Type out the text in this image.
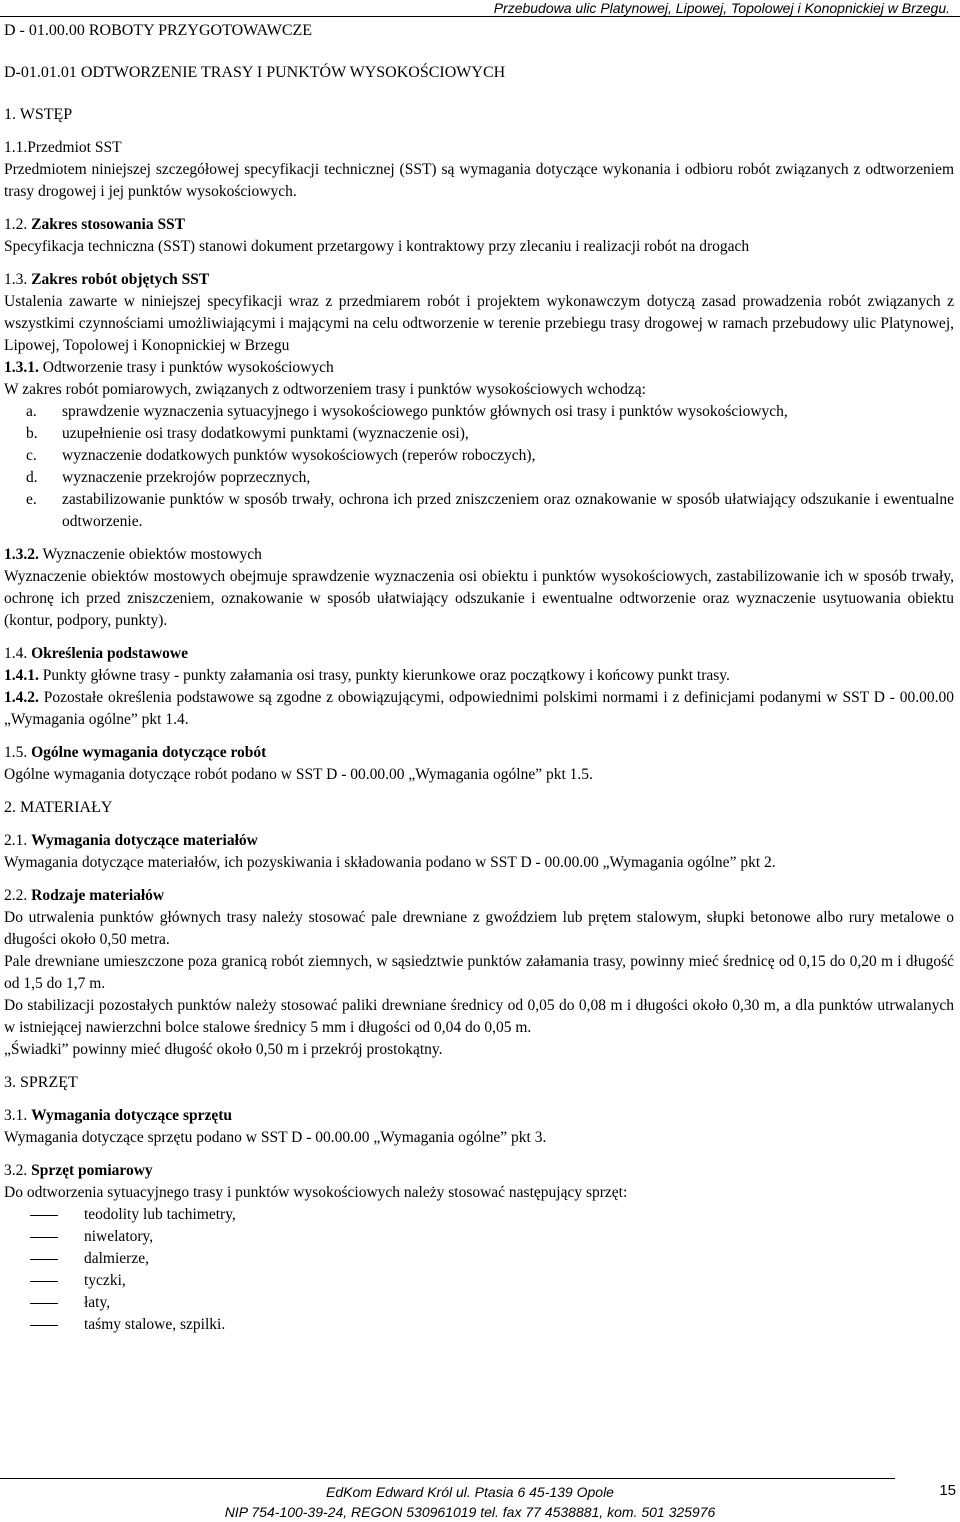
Przebudowa ulic Platynowej, Lipowej, Topolowej i Konopnickiej w Brzegu.
D - 01.00.00 ROBOTY PRZYGOTOWAWCZE
D-01.01.01 ODTWORZENIE TRASY I PUNKTÓW WYSOKOŚCIOWYCH
1. WSTĘP
1.1.Przedmiot SST
Przedmiotem niniejszej szczegółowej specyfikacji technicznej (SST) są wymagania dotyczące wykonania i odbioru robót związanych z odtworzeniem trasy drogowej i jej punktów wysokościowych.
1.2. Zakres stosowania SST
Specyfikacja techniczna (SST) stanowi dokument przetargowy i kontraktowy przy zlecaniu i realizacji robót na drogach
1.3. Zakres robót objętych SST
Ustalenia zawarte w niniejszej specyfikacji wraz z przedmiarem robót i projektem wykonawczym dotyczą zasad prowadzenia robót związanych z wszystkimi czynnościami umożliwiającymi i mającymi na celu odtworzenie w terenie przebiegu trasy drogowej w ramach przebudowy ulic Platynowej, Lipowej, Topolowej i Konopnickiej w Brzegu
1.3.1. Odtworzenie trasy i punktów wysokościowych
W zakres robót pomiarowych, związanych z odtworzeniem trasy i punktów wysokościowych wchodzą:
a.	sprawdzenie wyznaczenia sytuacyjnego i wysokościowego punktów głównych osi trasy i punktów wysokościowych,
b.	uzupełnienie osi trasy dodatkowymi punktami (wyznaczenie osi),
c.	wyznaczenie dodatkowych punktów wysokościowych (reperów roboczych),
d.	wyznaczenie przekrojów poprzecznych,
e.	zastabilizowanie punktów w sposób trwały, ochrona ich przed zniszczeniem oraz oznakowanie w sposób ułatwiający odszukanie i ewentualne odtworzenie.
1.3.2. Wyznaczenie obiektów mostowych
Wyznaczenie obiektów mostowych obejmuje sprawdzenie wyznaczenia osi obiektu i punktów wysokościowych, zastabilizowanie ich w sposób trwały, ochronę ich przed zniszczeniem, oznakowanie w sposób ułatwiający odszukanie i ewentualne odtworzenie oraz wyznaczenie usytuowania obiektu (kontur, podpory, punkty).
1.4. Określenia podstawowe
1.4.1. Punkty główne trasy - punkty załamania osi trasy, punkty kierunkowe oraz początkowy i końcowy punkt trasy.
1.4.2. Pozostałe określenia podstawowe są zgodne z obowiązującymi, odpowiednimi polskimi normami i z definicjami podanymi w SST D - 00.00.00 „Wymagania ogólne” pkt 1.4.
1.5. Ogólne wymagania dotyczące robót
Ogólne wymagania dotyczące robót podano w SST D - 00.00.00 „Wymagania ogólne” pkt 1.5.
2. MATERIAŁY
2.1. Wymagania dotyczące materiałów
Wymagania dotyczące materiałów, ich pozyskiwania i składowania podano w SST D - 00.00.00 „Wymagania ogólne” pkt 2.
2.2. Rodzaje materiałów
Do utrwalenia punktów głównych trasy należy stosować pale drewniane z gwoździem lub prętem stalowym, słupki betonowe albo rury metalowe o długości około 0,50 metra.
Pale drewniane umieszczone poza granicą robót ziemnych, w sąsiedztwie punktów załamania trasy, powinny mieć średnicę od 0,15 do 0,20 m i długość od 1,5 do 1,7 m.
Do stabilizacji pozostałych punktów należy stosować paliki drewniane średnicy od 0,05 do 0,08 m i długości około 0,30 m, a dla punktów utrwalanych w istniejącej nawierzchni bolce stalowe średnicy 5 mm i długości od 0,04 do 0,05 m.
„Świadki” powinny mieć długość około 0,50 m i przekrój prostokątny.
3. SPRZĘT
3.1. Wymagania dotyczące sprzętu
Wymagania dotyczące sprzętu podano w SST D - 00.00.00 „Wymagania ogólne” pkt 3.
3.2. Sprzęt pomiarowy
Do odtworzenia sytuacyjnego trasy i punktów wysokościowych należy stosować następujący sprzęt:
teodolity lub tachimetry,
niwelatory,
dalmierze,
tyczki,
łaty,
taśmy stalowe, szpilki.
EdKom Edward Król ul. Ptasia 6 45-139 Opole
NIP 754-100-39-24, REGON 530961019 tel. fax 77 4538881, kom. 501 325976
15
